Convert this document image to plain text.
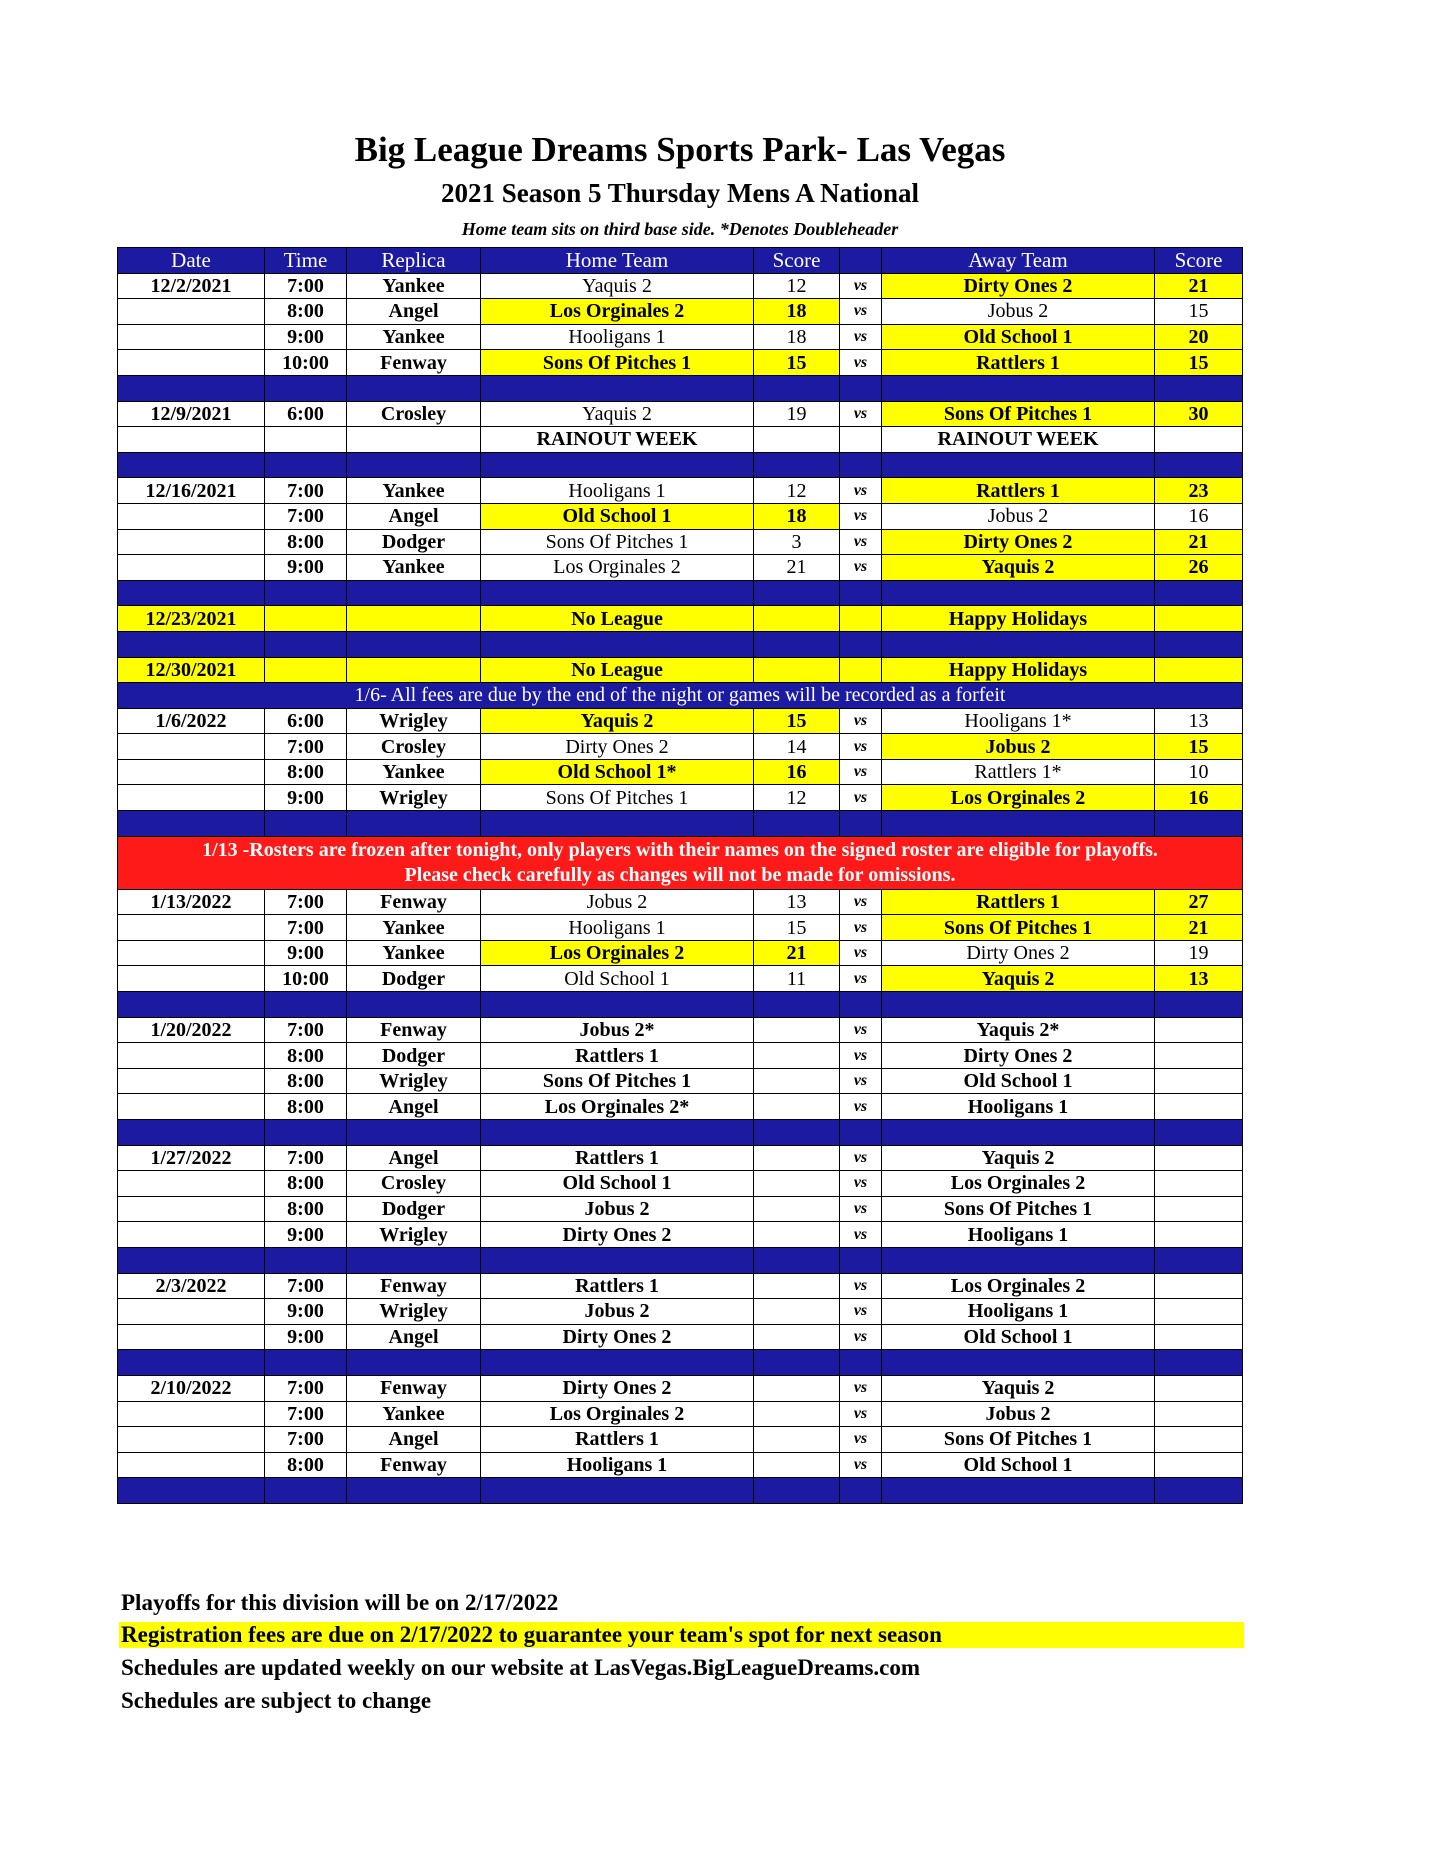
Big League Dreams Sports Park- Las Vegas
2021 Season 5 Thursday Mens A National
Home team sits on third base side. *Denotes Doubleheader
Date	Time	Replica	Home Team	Score		Away Team	Score
12/2/2021	7:00	Yankee	Yaquis 2	12	vs	Dirty Ones 2	21
	8:00	Angel	Los Orginales 2	18	vs	Jobus 2	15
	9:00	Yankee	Hooligans 1	18	vs	Old School 1	20
	10:00	Fenway	Sons Of Pitches 1	15	vs	Rattlers 1	15

12/9/2021	6:00	Crosley	Yaquis 2	19	vs	Sons Of Pitches 1	30
			RAINOUT WEEK			RAINOUT WEEK	

12/16/2021	7:00	Yankee	Hooligans 1	12	vs	Rattlers 1	23
	7:00	Angel	Old School 1	18	vs	Jobus 2	16
	8:00	Dodger	Sons Of Pitches 1	3	vs	Dirty Ones 2	21
	9:00	Yankee	Los Orginales 2	21	vs	Yaquis 2	26

12/23/2021			No League			Happy Holidays	

12/30/2021			No League			Happy Holidays	
1/6- All fees are due by the end of the night or games will be recorded as a forfeit							
1/6/2022	6:00	Wrigley	Yaquis 2	15	vs	Hooligans 1*	13
	7:00	Crosley	Dirty Ones 2	14	vs	Jobus 2	15
	8:00	Yankee	Old School 1*	16	vs	Rattlers 1*	10
	9:00	Wrigley	Sons Of Pitches 1	12	vs	Los Orginales 2	16

1/13 -Rosters are frozen after tonight, only players with their names on the signed roster are eligible for playoffs.
Please check carefully as changes will not be made for omissions.							

1/13/2022	7:00	Fenway	Jobus 2	13	vs	Rattlers 1	27
	7:00	Yankee	Hooligans 1	15	vs	Sons Of Pitches 1	21
	9:00	Yankee	Los Orginales 2	21	vs	Dirty Ones 2	19
	10:00	Dodger	Old School 1	11	vs	Yaquis 2	13

1/20/2022	7:00	Fenway	Jobus 2*		vs	Yaquis 2*	
	8:00	Dodger	Rattlers 1		vs	Dirty Ones 2	
	8:00	Wrigley	Sons Of Pitches 1		vs	Old School 1	
	8:00	Angel	Los Orginales 2*		vs	Hooligans 1	

1/27/2022	7:00	Angel	Rattlers 1		vs	Yaquis 2	
	8:00	Crosley	Old School 1		vs	Los Orginales 2	
	8:00	Dodger	Jobus 2		vs	Sons Of Pitches 1	
	9:00	Wrigley	Dirty Ones 2		vs	Hooligans 1	

2/3/2022	7:00	Fenway	Rattlers 1		vs	Los Orginales 2	
	9:00	Wrigley	Jobus 2		vs	Hooligans 1	
	9:00	Angel	Dirty Ones 2		vs	Old School 1	

2/10/2022	7:00	Fenway	Dirty Ones 2		vs	Yaquis 2	
	7:00	Yankee	Los Orginales 2		vs	Jobus 2	
	7:00	Angel	Rattlers 1		vs	Sons Of Pitches 1	
	8:00	Fenway	Hooligans 1		vs	Old School 1	

Playoffs for this division will be on 2/17/2022
Registration fees are due on 2/17/2022 to guarantee your team's spot for next season
Schedules are updated weekly on our website at LasVegas.BigLeagueDreams.com
Schedules are subject to change
